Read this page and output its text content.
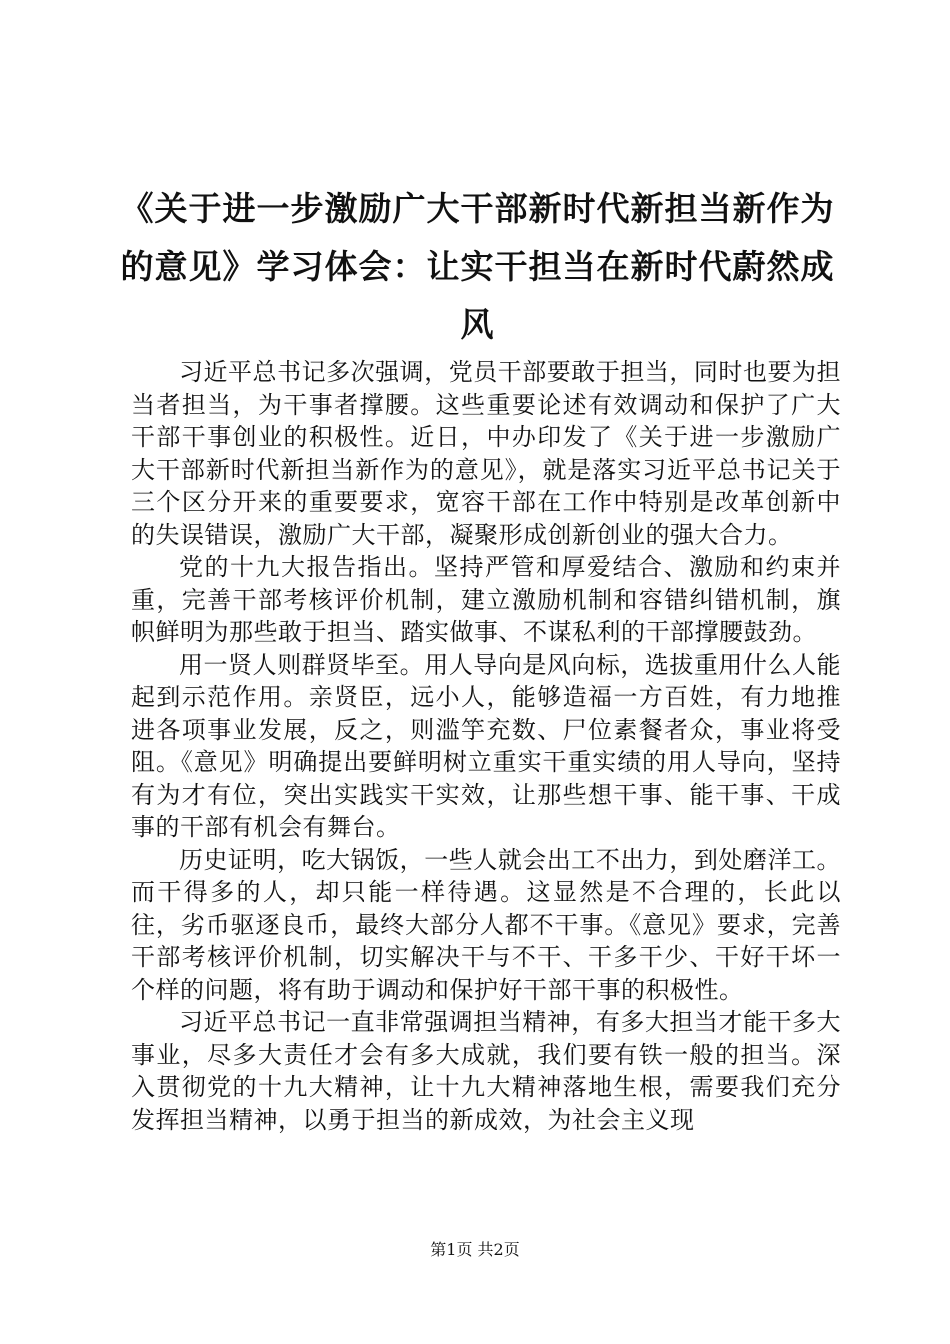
《关于进一步激励广大干部新时代新担当新作为的意见》学习体会：让实干担当在新时代蔚然成风

习近平总书记多次强调，党员干部要敢于担当，同时也要为担当者担当，为干事者撑腰。这些重要论述有效调动和保护了广大干部干事创业的积极性。近日，中办印发了《关于进一步激励广大干部新时代新担当新作为的意见》，就是落实习近平总书记关于三个区分开来的重要要求，宽容干部在工作中特别是改革创新中的失误错误，激励广大干部，凝聚形成创新创业的强大合力。

党的十九大报告指出。坚持严管和厚爱结合、激励和约束并重，完善干部考核评价机制，建立激励机制和容错纠错机制，旗帜鲜明为那些敢于担当、踏实做事、不谋私利的干部撑腰鼓劲。

用一贤人则群贤毕至。用人导向是风向标，选拔重用什么人能起到示范作用。亲贤臣，远小人，能够造福一方百姓，有力地推进各项事业发展，反之，则滥竽充数、尸位素餐者众，事业将受阻。《意见》明确提出要鲜明树立重实干重实绩的用人导向，坚持有为才有位，突出实践实干实效，让那些想干事、能干事、干成事的干部有机会有舞台。

历史证明，吃大锅饭，一些人就会出工不出力，到处磨洋工。而干得多的人，却只能一样待遇。这显然是不合理的，长此以往，劣币驱逐良币，最终大部分人都不干事。《意见》要求，完善干部考核评价机制，切实解决干与不干、干多干少、干好干坏一个样的问题，将有助于调动和保护好干部干事的积极性。

习近平总书记一直非常强调担当精神，有多大担当才能干多大事业，尽多大责任才会有多大成就，我们要有铁一般的担当。深入贯彻党的十九大精神，让十九大精神落地生根，需要我们充分发挥担当精神，以勇于担当的新成效，为社会主义现

第1页 共2页
